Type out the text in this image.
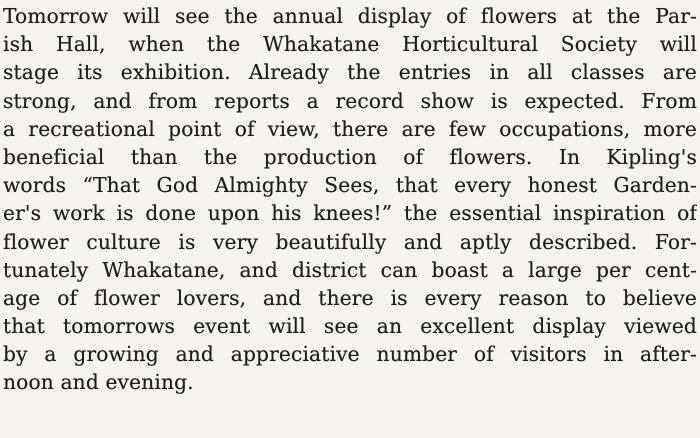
Tomorrow will see the annual display of flowers at the Par-
ish Hall, when the Whakatane Horticultural Society will
stage its exhibition. Already the entries in all classes are
strong, and from reports a record show is expected. From
a recreational point of view, there are few occupations, more
beneficial than the production of flowers. In Kipling's
words “That God Almighty Sees, that every honest Garden-
er's work is done upon his knees!” the essential inspiration of
flower culture is very beautifully and aptly described. For-
tunately Whakatane, and district can boast a large per cent-
age of flower lovers, and there is every reason to believe
that tomorrows event will see an excellent display viewed
by a growing and appreciative number of visitors in after-
noon and evening.
